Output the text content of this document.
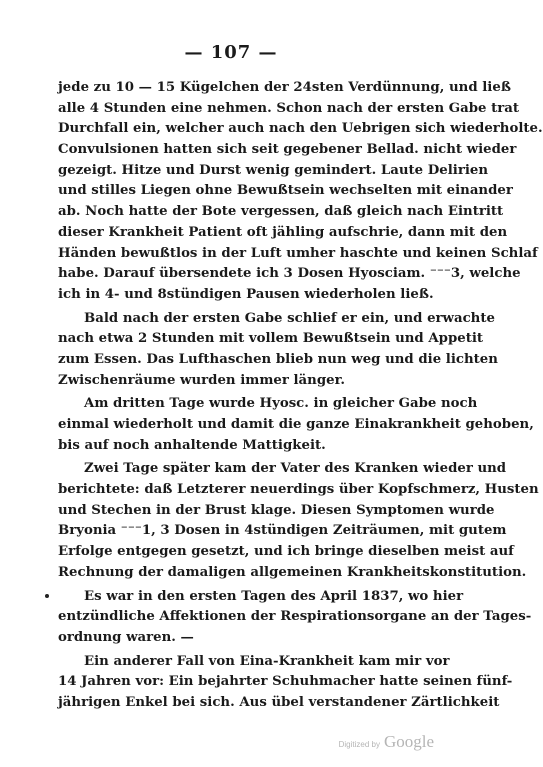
— 107 —
jede zu 10 — 15 Kügelchen der 24sten Verdünnung, und ließ
alle 4 Stunden eine nehmen. Schon nach der ersten Gabe trat
Durchfall ein, welcher auch nach den Uebrigen sich wiederholte.
Convulsionen hatten sich seit gegebener Bellad. nicht wieder
gezeigt. Hitze und Durst wenig gemindert. Laute Delirien
und stilles Liegen ohne Bewußtsein wechselten mit einander
ab. Noch hatte der Bote vergessen, daß gleich nach Eintritt
dieser Krankheit Patient oft jähling aufschrie, dann mit den
Händen bewußtlos in der Luft umher haschte und keinen Schlaf
habe. Darauf übersendete ich 3 Dosen Hyosciam. ⁻⁻⁻3, welche
ich in 4- und 8stündigen Pausen wiederholen ließ.
Bald nach der ersten Gabe schlief er ein, und erwachte
nach etwa 2 Stunden mit vollem Bewußtsein und Appetit
zum Essen. Das Lufthaschen blieb nun weg und die lichten
Zwischenräume wurden immer länger.
Am dritten Tage wurde Hyosc. in gleicher Gabe noch
einmal wiederholt und damit die ganze Einakrankheit gehoben,
bis auf noch anhaltende Mattigkeit.
Zwei Tage später kam der Vater des Kranken wieder und
berichtete: daß Letzterer neuerdings über Kopfschmerz, Husten
und Stechen in der Brust klage. Diesen Symptomen wurde
Bryonia ⁻⁻⁻1, 3 Dosen in 4stündigen Zeiträumen, mit gutem
Erfolge entgegen gesetzt, und ich bringe dieselben meist auf
Rechnung der damaligen allgemeinen Krankheitskonstitution.
Es war in den ersten Tagen des April 1837, wo hier
entzündliche Affektionen der Respirationsorgane an der Tages-
ordnung waren. —
Ein anderer Fall von Eina-Krankheit kam mir vor
14 Jahren vor: Ein bejahrter Schuhmacher hatte seinen fünf-
jährigen Enkel bei sich. Aus übel verstandener Zärtlichkeit
Digitized by Google
